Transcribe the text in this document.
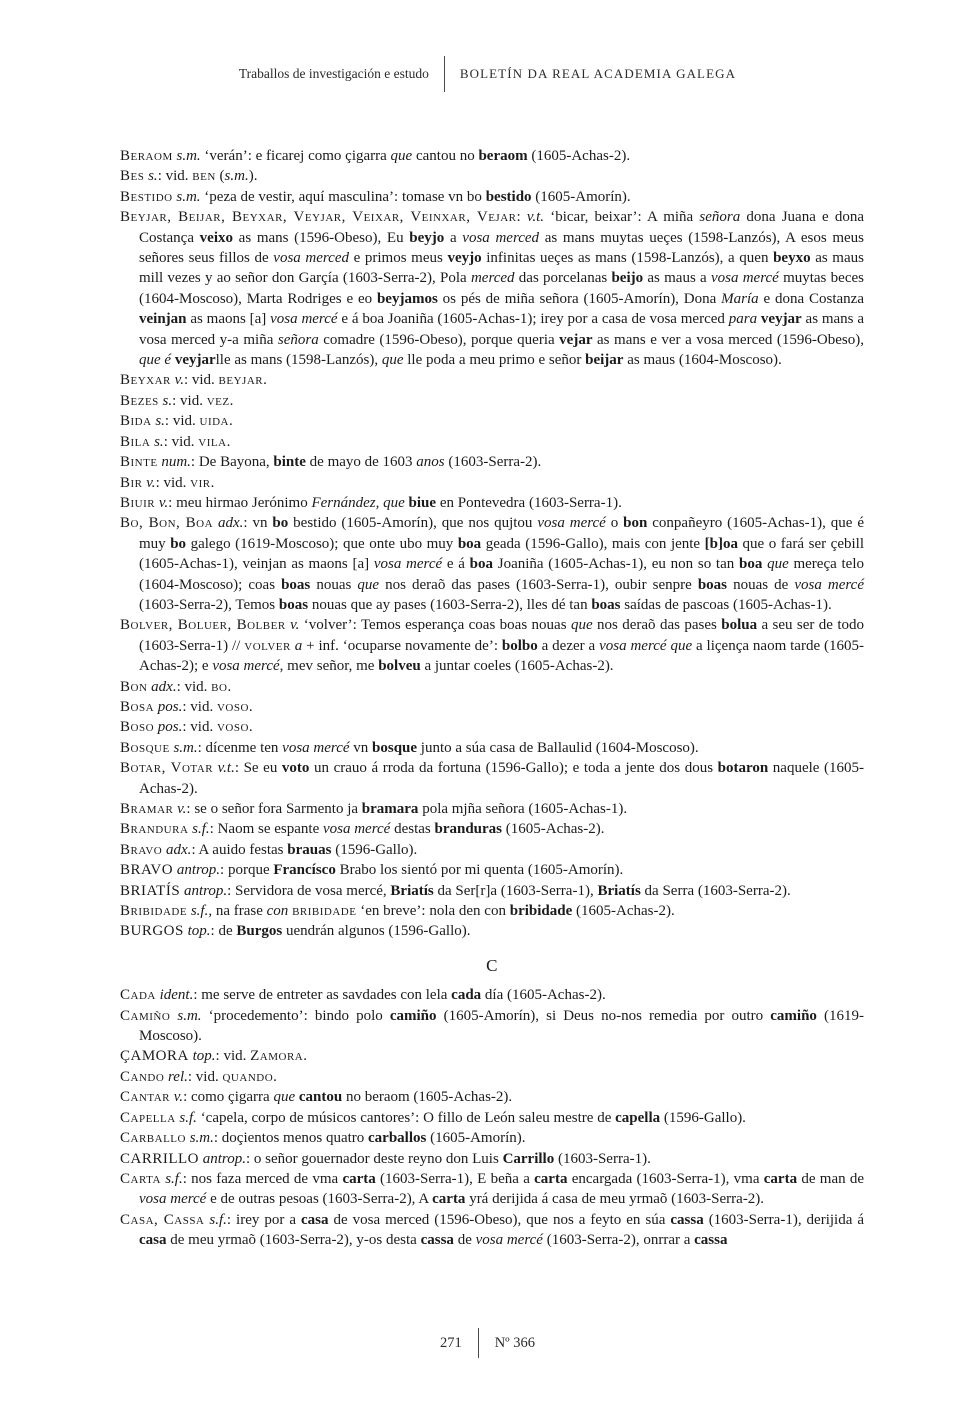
Traballos de investigación e estudo	BOLETÍN DA REAL ACADEMIA GALEGA
Beraom s.m. ‘verán’: e ficarej como çigarra que cantou no beraom (1605-Achas-2).
Bes s.: vid. ben (s.m.).
Bestido s.m. ‘peza de vestir, aquí masculina’: tomase vn bo bestido (1605-Amorín).
Beyjar, Beijar, Beyxar, Veyjar, Veixar, Veinxar, Vejar: v.t. ‘bicar, beixar’: A miña señora dona Juana e dona Costança veixo as mans (1596-Obeso), Eu beyjo a vosa merced as mans muytas ueçes (1598-Lanzós), A esos meus señores seus fillos de vosa merced e primos meus veyjo infinitas ueçes as mans (1598-Lanzós), a quen beyxo as maus mill vezes y ao señor don Garçía (1603-Serra-2), Pola merced das porcelanas beijo as maus a vosa mercé muytas beces (1604-Moscoso), Marta Rodriges e eo beyjamos os pés de miña señora (1605-Amorín), Dona María e dona Costanza veinjan as maons [a] vosa mercé e á boa Joaniña (1605-Achas-1); irey por a casa de vosa merced para veyjar as mans a vosa merced y-a miña señora comadre (1596-Obeso), porque queria vejar as mans e ver a vosa merced (1596-Obeso), que é veyjarlle as mans (1598-Lanzós), que lle poda a meu primo e señor beijar as maus (1604-Moscoso).
Beyxar v.: vid. beyjar.
Bezes s.: vid. vez.
Bida s.: vid. uida.
Bila s.: vid. vila.
Binte num.: De Bayona, binte de mayo de 1603 anos (1603-Serra-2).
Bir v.: vid. vir.
Biuir v.: meu hirmao Jerónimo Fernández, que biue en Pontevedra (1603-Serra-1).
Bo, Bon, Boa adx.: vn bo bestido (1605-Amorín), que nos qujtou vosa mercé o bon conpañeyro (1605-Achas-1), que é muy bo galego (1619-Moscoso); que onte ubo muy boa geada (1596-Gallo), mais con jente [b]oa que o fará ser çebill (1605-Achas-1), veinjan as maons [a] vosa mercé e á boa Joaniña (1605-Achas-1), eu non so tan boa que mereça telo (1604-Moscoso); coas boas nouas que nos deraõ das pases (1603-Serra-1), oubir senpre boas nouas de vosa mercé (1603-Serra-2), Temos boas nouas que ay pases (1603-Serra-2), lles dé tan boas saídas de pascoas (1605-Achas-1).
Bolver, Boluer, Bolber v. ‘volver’: Temos esperança coas boas nouas que nos deraõ das pases bolua a seu ser de todo (1603-Serra-1) // volver a + inf. ‘ocuparse novamente de’: bolbo a dezer a vosa mercé que a liçença naom tarde (1605-Achas-2); e vosa mercé, mev señor, me bolveu a juntar coeles (1605-Achas-2).
Bon adx.: vid. bo.
Bosa pos.: vid. voso.
Boso pos.: vid. voso.
Bosque s.m.: dícenme ten vosa mercé vn bosque junto a súa casa de Ballaulid (1604-Moscoso).
Botar, Votar v.t.: Se eu voto un crauo á rroda da fortuna (1596-Gallo); e toda a jente dos dous botaron naquele (1605-Achas-2).
Bramar v.: se o señor fora Sarmento ja bramara pola mjña señora (1605-Achas-1).
Brandura s.f.: Naom se espante vosa mercé destas branduras (1605-Achas-2).
Bravo adx.: A auido festas brauas (1596-Gallo).
BRAVO antrop.: porque Francísco Brabo los sientó por mi quenta (1605-Amorín).
BRIATÍS antrop.: Servidora de vosa mercé, Briatís da Ser[r]a (1603-Serra-1), Briatís da Serra (1603-Serra-2).
Bribidade s.f., na frase con bribidade ‘en breve’: nola den con bribidade (1605-Achas-2).
BURGOS top.: de Burgos uendrán algunos (1596-Gallo).
C
Cada ident.: me serve de entreter as savdades con lela cada día (1605-Achas-2).
Camiño s.m. ‘procedemento’: bindo polo camiño (1605-Amorín), si Deus no-nos remedia por outro camiño (1619-Moscoso).
ÇAMORA top.: vid. Zamora.
Cando rel.: vid. quando.
Cantar v.: como çigarra que cantou no beraom (1605-Achas-2).
Capella s.f. ‘capela, corpo de músicos cantores’: O fillo de León saleu mestre de capella (1596-Gallo).
Carballo s.m.: doçientos menos quatro carballos (1605-Amorín).
CARRILLO antrop.: o señor gouernador deste reyno don Luis Carrillo (1603-Serra-1).
Carta s.f.: nos faza merced de vma carta (1603-Serra-1), E beña a carta encargada (1603-Serra-1), vma carta de man de vosa mercé e de outras pesoas (1603-Serra-2), A carta yrá derijida á casa de meu yrmaõ (1603-Serra-2).
Casa, Cassa s.f.: irey por a casa de vosa merced (1596-Obeso), que nos a feyto en súa cassa (1603-Serra-1), derijida á casa de meu yrmaõ (1603-Serra-2), y-os desta cassa de vosa mercé (1603-Serra-2), onrrar a cassa
271	Nº 366
